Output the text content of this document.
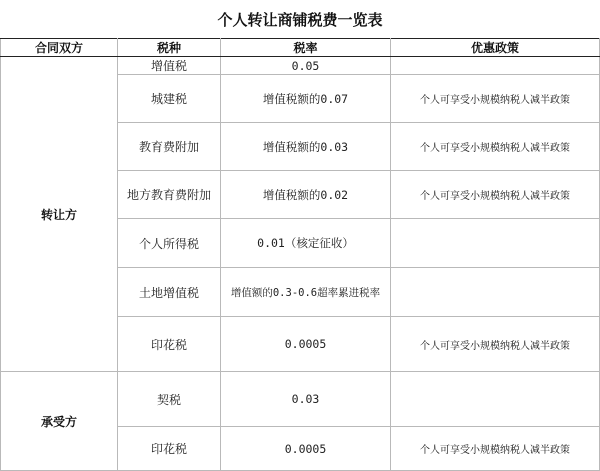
个人转让商铺税费一览表
合同双方	税种	税率	优惠政策
转让方	增值税	0.05	
	城建税	增值税额的0.07	个人可享受小规模纳税人减半政策
	教育费附加	增值税额的0.03	个人可享受小规模纳税人减半政策
	地方教育费附加	增值税额的0.02	个人可享受小规模纳税人减半政策
	个人所得税	0.01（核定征收）	
	土地增值税	增值额的0.3-0.6超率累进税率	
	印花税	0.0005	个人可享受小规模纳税人减半政策
承受方	契税	0.03	
	印花税	0.0005	个人可享受小规模纳税人减半政策
